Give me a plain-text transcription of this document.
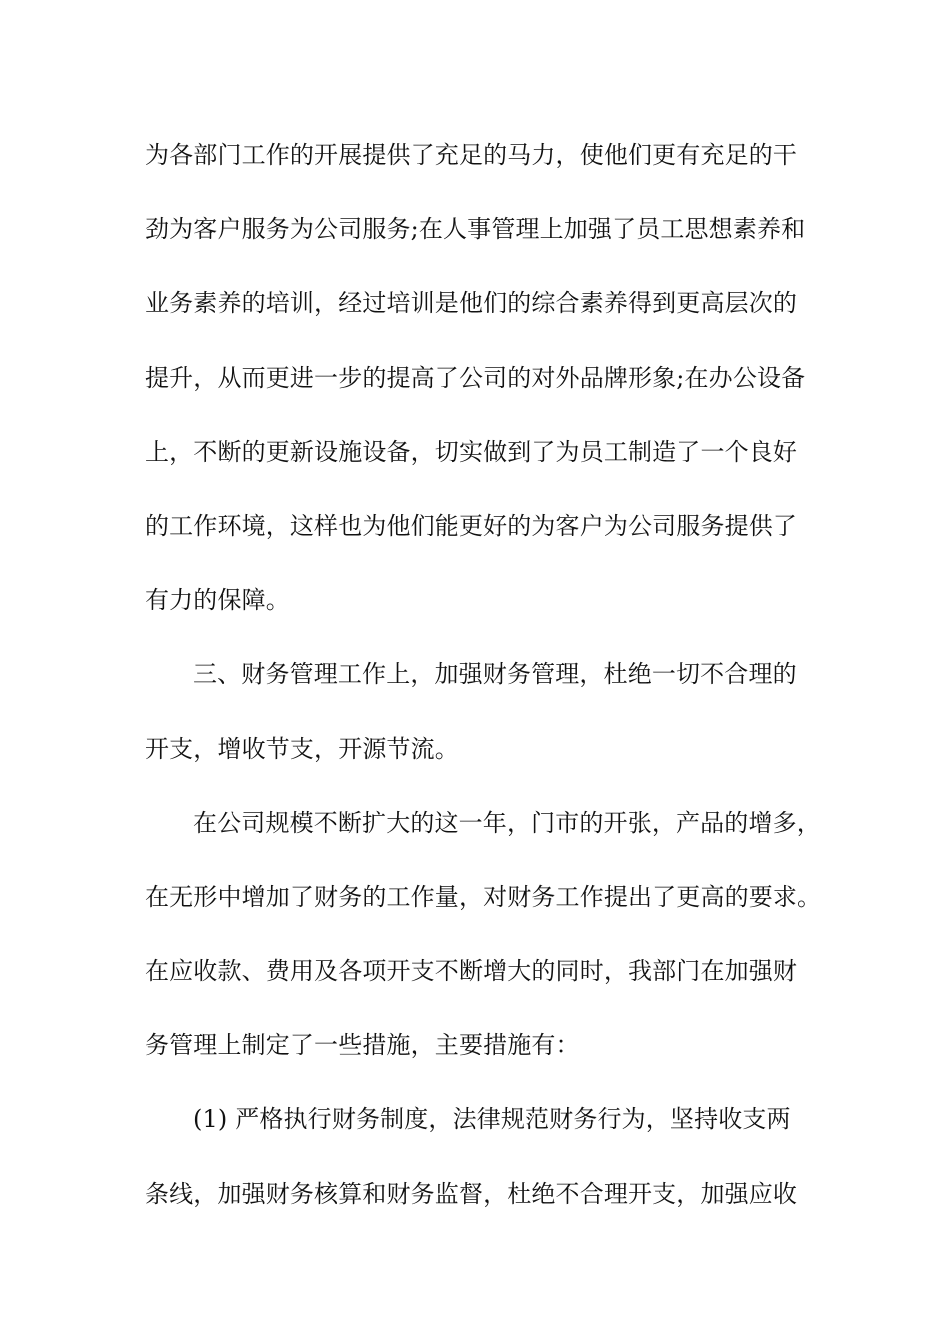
为各部门工作的开展提供了充足的马力，使他们更有充足的干
劲为客户服务为公司服务;在人事管理上加强了员工思想素养和
业务素养的培训，经过培训是他们的综合素养得到更高层次的
提升，从而更进一步的提高了公司的对外品牌形象;在办公设备
上，不断的更新设施设备，切实做到了为员工制造了一个良好
的工作环境，这样也为他们能更好的为客户为公司服务提供了
有力的保障。
三、财务管理工作上，加强财务管理，杜绝一切不合理的
开支，增收节支，开源节流。
在公司规模不断扩大的这一年，门市的开张，产品的增多，
在无形中增加了财务的工作量，对财务工作提出了更高的要求。
在应收款、费用及各项开支不断增大的同时，我部门在加强财
务管理上制定了一些措施，主要措施有：
(1) 严格执行财务制度，法律规范财务行为，坚持收支两
条线，加强财务核算和财务监督，杜绝不合理开支，加强应收
